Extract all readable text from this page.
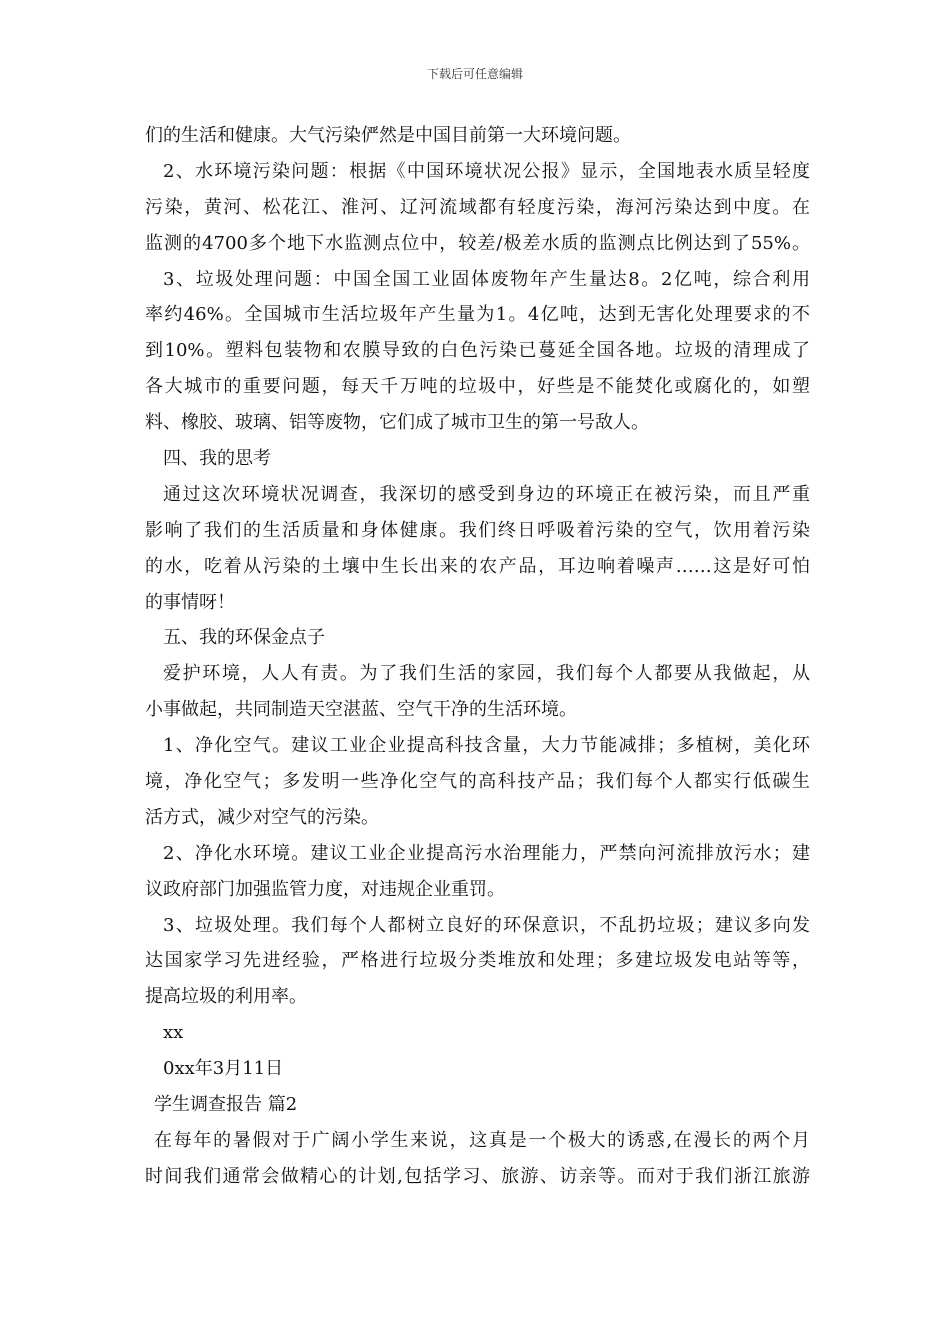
下载后可任意编辑
们的生活和健康。大气污染俨然是中国目前第一大环境问题。
2、水环境污染问题：根据《中国环境状况公报》显示，全国地表水质呈轻度
污染，黄河、松花江、淮河、辽河流域都有轻度污染，海河污染达到中度。在
监测的4700多个地下水监测点位中，较差/极差水质的监测点比例达到了55%。
3、垃圾处理问题：中国全国工业固体废物年产生量达8。2亿吨，综合利用
率约46%。全国城市生活垃圾年产生量为1。4亿吨，达到无害化处理要求的不
到10%。塑料包装物和农膜导致的白色污染已蔓延全国各地。垃圾的清理成了
各大城市的重要问题，每天千万吨的垃圾中，好些是不能焚化或腐化的，如塑
料、橡胶、玻璃、铝等废物，它们成了城市卫生的第一号敌人。
四、我的思考
通过这次环境状况调查，我深切的感受到身边的环境正在被污染，而且严重
影响了我们的生活质量和身体健康。我们终日呼吸着污染的空气，饮用着污染
的水，吃着从污染的土壤中生长出来的农产品，耳边响着噪声……这是好可怕
的事情呀！
五、我的环保金点子
爱护环境，人人有责。为了我们生活的家园，我们每个人都要从我做起，从
小事做起，共同制造天空湛蓝、空气干净的生活环境。
1、净化空气。建议工业企业提高科技含量，大力节能减排；多植树，美化环
境，净化空气；多发明一些净化空气的高科技产品；我们每个人都实行低碳生
活方式，减少对空气的污染。
2、净化水环境。建议工业企业提高污水治理能力，严禁向河流排放污水；建
议政府部门加强监管力度，对违规企业重罚。
3、垃圾处理。我们每个人都树立良好的环保意识，不乱扔垃圾；建议多向发
达国家学习先进经验，严格进行垃圾分类堆放和处理；多建垃圾发电站等等，
提高垃圾的利用率。
xx
0xx年3月11日
学生调查报告 篇2
在每年的暑假对于广阔小学生来说，这真是一个极大的诱惑,在漫长的两个月
时间我们通常会做精心的计划,包括学习、旅游、访亲等。而对于我们浙江旅游
